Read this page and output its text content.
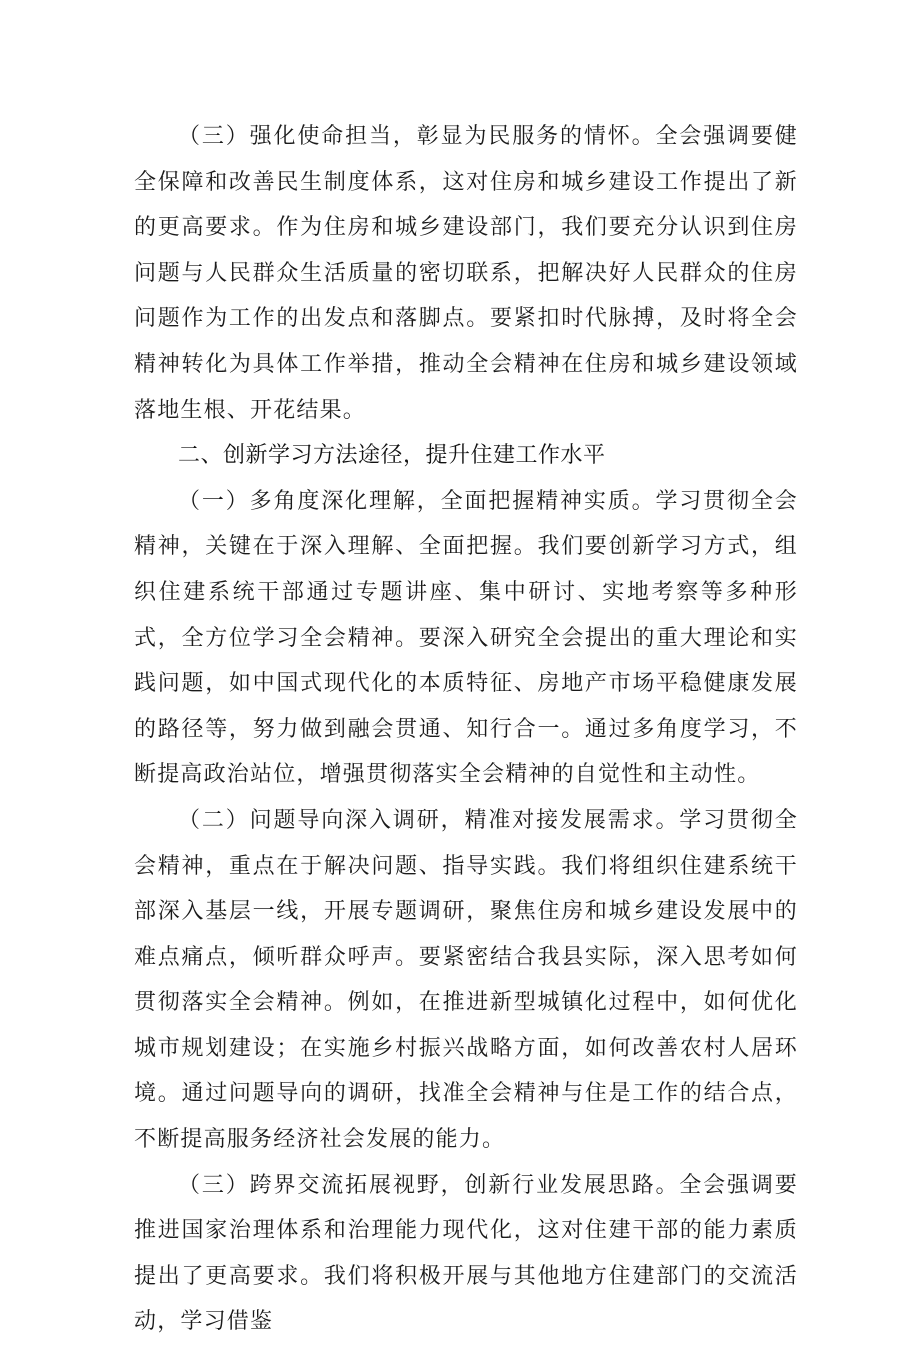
（三）强化使命担当，彰显为民服务的情怀。全会强调要健全保障和改善民生制度体系，这对住房和城乡建设工作提出了新的更高要求。作为住房和城乡建设部门，我们要充分认识到住房问题与人民群众生活质量的密切联系，把解决好人民群众的住房问题作为工作的出发点和落脚点。要紧扣时代脉搏，及时将全会精神转化为具体工作举措，推动全会精神在住房和城乡建设领域落地生根、开花结果。

二、创新学习方法途径，提升住建工作水平

（一）多角度深化理解，全面把握精神实质。学习贯彻全会精神，关键在于深入理解、全面把握。我们要创新学习方式，组织住建系统干部通过专题讲座、集中研讨、实地考察等多种形式，全方位学习全会精神。要深入研究全会提出的重大理论和实践问题，如中国式现代化的本质特征、房地产市场平稳健康发展的路径等，努力做到融会贯通、知行合一。通过多角度学习，不断提高政治站位，增强贯彻落实全会精神的自觉性和主动性。

（二）问题导向深入调研，精准对接发展需求。学习贯彻全会精神，重点在于解决问题、指导实践。我们将组织住建系统干部深入基层一线，开展专题调研，聚焦住房和城乡建设发展中的难点痛点，倾听群众呼声。要紧密结合我县实际，深入思考如何贯彻落实全会精神。例如，在推进新型城镇化过程中，如何优化城市规划建设；在实施乡村振兴战略方面，如何改善农村人居环境。通过问题导向的调研，找准全会精神与住是工作的结合点，不断提高服务经济社会发展的能力。

（三）跨界交流拓展视野，创新行业发展思路。全会强调要推进国家治理体系和治理能力现代化，这对住建干部的能力素质提出了更高要求。我们将积极开展与其他地方住建部门的交流活动，学习借鉴
